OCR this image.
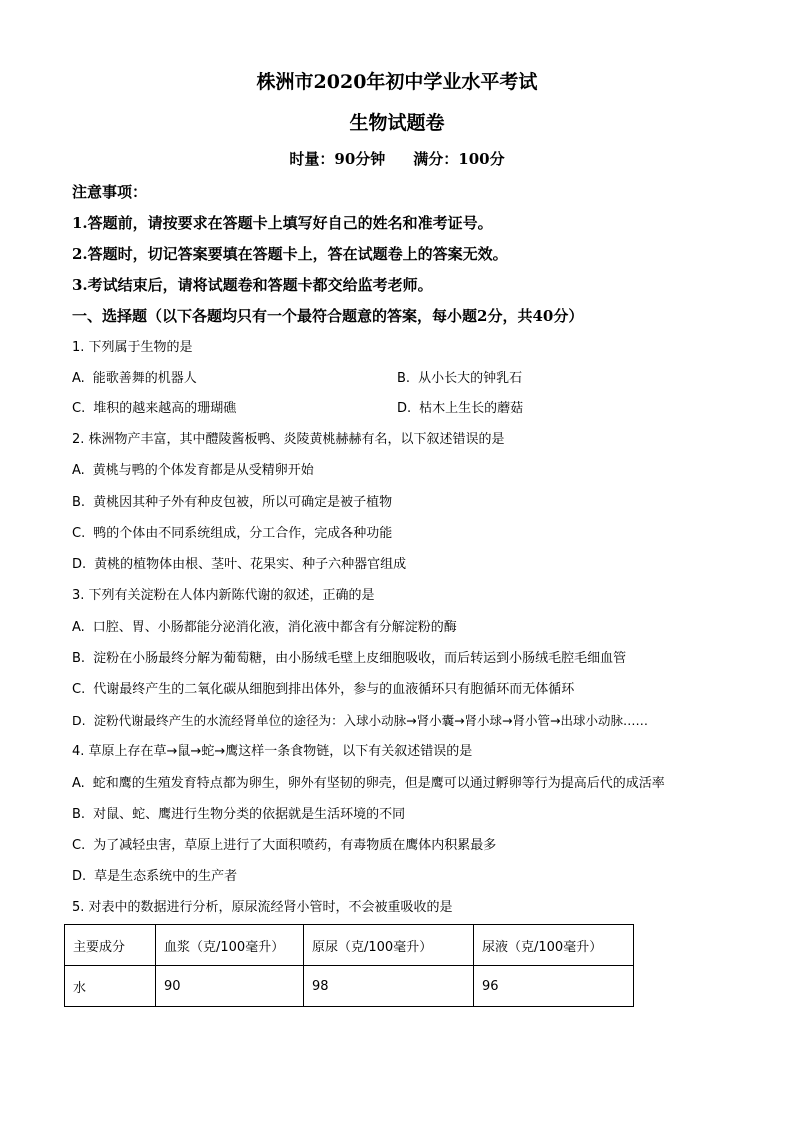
株洲市2020年初中学业水平考试
生物试题卷
时量：90分钟 满分：100分
注意事项：
1.答题前，请按要求在答题卡上填写好自己的姓名和准考证号。
2.答题时，切记答案要填在答题卡上，答在试题卷上的答案无效。
3.考试结束后，请将试题卷和答题卡都交给监考老师。
一、选择题（以下各题均只有一个最符合题意的答案，每小题2分，共40分）
1. 下列属于生物的是
A. 能歌善舞的机器人	B. 从小长大的钟乳石
C. 堆积的越来越高的珊瑚礁	D. 枯木上生长的蘑菇
2. 株洲物产丰富，其中醴陵酱板鸭、炎陵黄桃赫赫有名，以下叙述错误的是
A. 黄桃与鸭的个体发育都是从受精卵开始
B. 黄桃因其种子外有种皮包被，所以可确定是被子植物
C. 鸭的个体由不同系统组成，分工合作，完成各种功能
D. 黄桃的植物体由根、茎叶、花果实、种子六种器官组成
3. 下列有关淀粉在人体内新陈代谢的叙述，正确的是
A. 口腔、胃、小肠都能分泌消化液，消化液中都含有分解淀粉的酶
B. 淀粉在小肠最终分解为葡萄糖，由小肠绒毛壁上皮细胞吸收，而后转运到小肠绒毛腔毛细血管
C. 代谢最终产生的二氧化碳从细胞到排出体外，参与的血液循环只有胞循环而无体循环
D. 淀粉代谢最终产生的水流经肾单位的途径为：入球小动脉→肾小囊→肾小球→肾小管→出球小动脉……
4. 草原上存在草→鼠→蛇→鹰这样一条食物链，以下有关叙述错误的是
A. 蛇和鹰的生殖发育特点都为卵生，卵外有坚韧的卵壳，但是鹰可以通过孵卵等行为提高后代的成活率
B. 对鼠、蛇、鹰进行生物分类的依据就是生活环境的不同
C. 为了减轻虫害，草原上进行了大面积喷药，有毒物质在鹰体内积累最多
D. 草是生态系统中的生产者
5. 对表中的数据进行分析，原尿流经肾小管时，不会被重吸收的是
主要成分	血浆（克/100毫升）	原尿（克/100毫升）	尿液（克/100毫升）
水	90	98	96
